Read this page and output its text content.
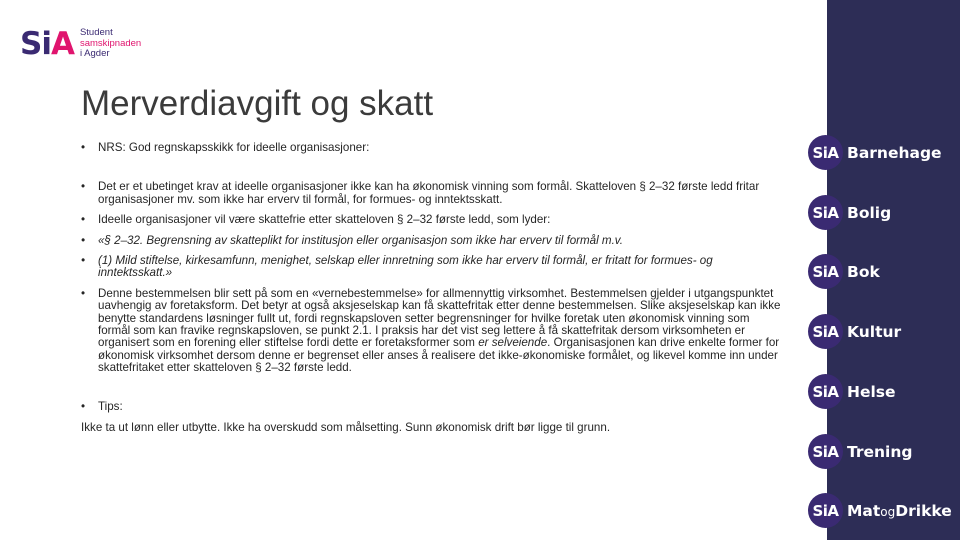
SiA Student
samskipnaden
i Agder
Merverdiavgift og skatt
• NRS: God regnskapsskikk for ideelle organisasjoner:
• Det er et ubetinget krav at ideelle organisasjoner ikke kan ha økonomisk vinning som formål. Skatteloven § 2–32 første ledd fritar organisasjoner mv. som ikke har erverv til formål, for formues- og inntektsskatt.
• Ideelle organisasjoner vil være skattefrie etter skatteloven § 2–32 første ledd, som lyder:
• «§ 2–32. Begrensning av skatteplikt for institusjon eller organisasjon som ikke har erverv til formål m.v.
• (1) Mild stiftelse, kirkesamfunn, menighet, selskap eller innretning som ikke har erverv til formål, er fritatt for formues- og inntektsskatt.»
• Denne bestemmelsen blir sett på som en «vernebestemmelse» for allmennyttig virksomhet. Bestemmelsen gjelder i utgangspunktet uavhengig av foretaksform. Det betyr at også aksjeselskap kan få skattefritak etter denne bestemmelsen. Slike aksjeselskap kan ikke benytte standardens løsninger fullt ut, fordi regnskapsloven setter begrensninger for hvilke foretak uten økonomisk vinning som formål som kan fravike regnskapsloven, se punkt 2.1. I praksis har det vist seg lettere å få skattefritak dersom virksomheten er organisert som en forening eller stiftelse fordi dette er foretaksformer som er selveiende. Organisasjonen kan drive enkelte former for økonomisk virksomhet dersom denne er begrenset eller anses å realisere det ikke-økonomiske formålet, og likevel komme inn under skattefritaket etter skatteloven § 2–32 første ledd.
• Tips:
Ikke ta ut lønn eller utbytte. Ikke ha overskudd som målsetting. Sunn økonomisk drift bør ligge til grunn.
SiA Barnehage
SiA Bolig
SiA Bok
SiA Kultur
SiA Helse
SiA Trening
SiA MatogDrikke
